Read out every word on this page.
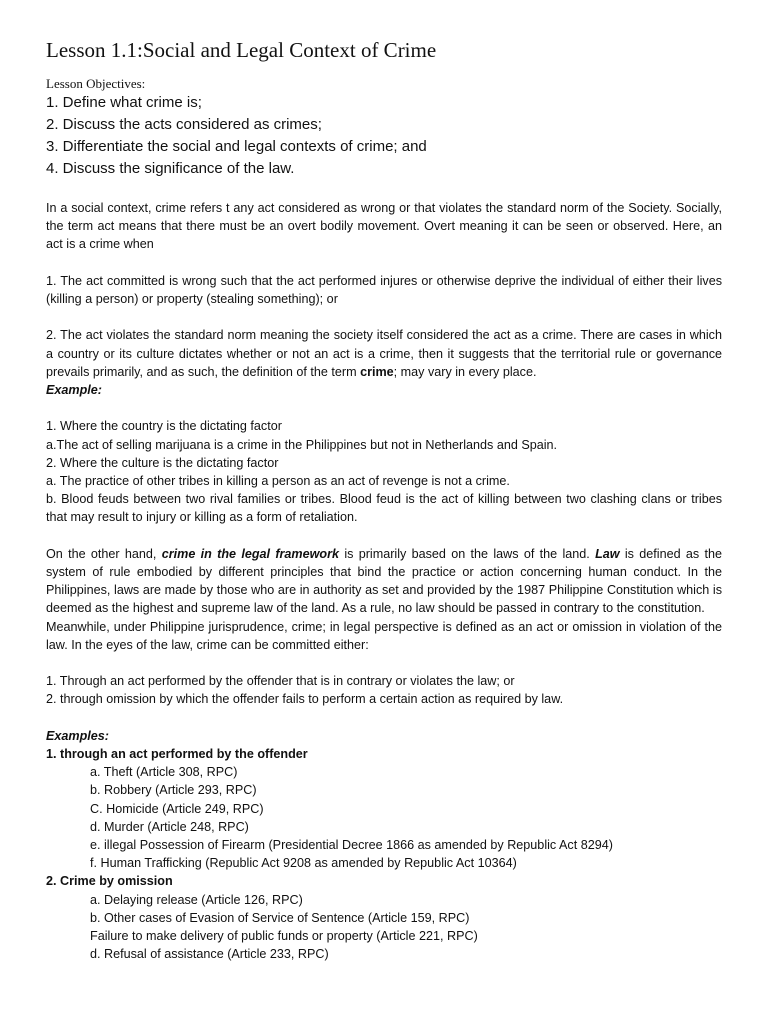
Lesson 1.1:Social and Legal Context of Crime
Lesson Objectives:
1. Define what crime is;
2. Discuss the acts considered as crimes;
3. Differentiate the social and legal contexts of crime; and
4. Discuss the significance of the law.

In a social context, crime refers t any act considered as wrong or that violates the standard norm of the Society. Socially, the term act means that there must be an overt bodily movement. Overt meaning it can be seen or observed. Here, an act is a crime when

1. The act committed is wrong such that the act performed injures or otherwise deprive the individual of either their lives (killing a person) or property (stealing something); or

2. The act violates the standard norm meaning the society itself considered the act as a crime. There are cases in which a country or its culture dictates whether or not an act is a crime, then it suggests that the territorial rule or governance prevails primarily, and as such, the definition of the term crime; may vary in every place.

Example:

1. Where the country is the dictating factor

a.The act of selling marijuana is a crime in the Philippines but not in Netherlands and Spain.

2. Where the culture is the dictating factor

a. The practice of other tribes in killing a person as an act of revenge is not a crime.

b. Blood feuds between two rival families or tribes. Blood feud is the act of killing between two clashing clans or tribes that may result to injury or killing as a form of retaliation.

On the other hand, crime in the legal framework is primarily based on the laws of the land. Law is defined as the system of rule embodied by different principles that bind the practice or action concerning human conduct. In the Philippines, laws are made by those who are in authority as set and provided by the 1987 Philippine Constitution which is deemed as the highest and supreme law of the land. As a rule, no law should be passed in contrary to the constitution.

Meanwhile, under Philippine jurisprudence, crime; in legal perspective is defined as an act or omission in violation of the law. In the eyes of the law, crime can be committed either:

1. Through an act performed by the offender that is in contrary or violates the law; or

2. through omission by which the offender fails to perform a certain action as required by law.

Examples:

1. through an act performed by the offender

a. Theft (Article 308, RPC)

b. Robbery (Article 293, RPC)

C. Homicide (Article 249, RPC)

d. Murder (Article 248, RPC)

e. illegal Possession of Firearm (Presidential Decree 1866 as amended by Republic Act 8294)

f. Human Trafficking (Republic Act 9208 as amended by Republic Act 10364)

2. Crime by omission

a. Delaying release (Article 126, RPC)

b. Other cases of Evasion of Service of Sentence (Article 159, RPC)

Failure to make delivery of public funds or property (Article 221, RPC)

d. Refusal of assistance (Article 233, RPC)
